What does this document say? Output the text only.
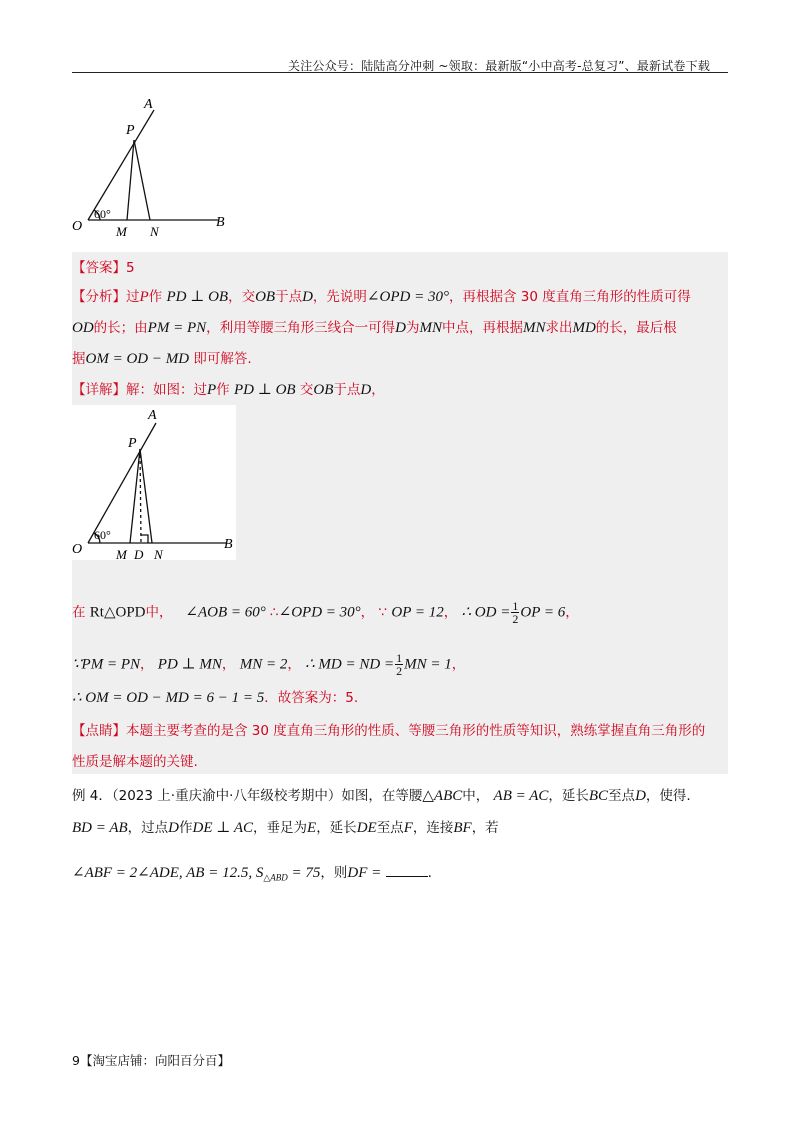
关注公众号：陆陆高分冲刺 ~领取：最新版“小中高考-总复习”、最新试卷下载
A
P
O
60°
M N
B
【答案】5
【分析】过P作 PD ⊥ OB，交OB于点D，先说明∠OPD = 30°，再根据含 30 度直角三角形的性质可得
OD的长；由PM = PN，利用等腰三角形三线合一可得D为MN中点，再根据MN求出MD的长，最后根
据OM = OD − MD 即可解答.
【详解】解：如图：过P作 PD ⊥ OB 交OB于点D，
A
P
O
60°
M D N
B
在 Rt△OPD中， ∠AOB = 60° ∴∠OPD = 30°， ∵ OP = 12， ∴ OD = $\frac{1}{2}$ OP = 6，
∵PM = PN， PD ⊥ MN， MN = 2， ∴ MD = ND = $\frac{1}{2}$ MN = 1，
∴ OM = OD − MD = 6 − 1 = 5．故答案为：5.
【点睛】本题主要考查的是含 30 度直角三角形的性质、等腰三角形的性质等知识，熟练掌握直角三角形的
性质是解本题的关键.
例 4．（2023 上·重庆渝中·八年级校考期中）如图，在等腰△ABC中， AB = AC，延长BC至点D，使得.
BD = AB，过点D作DE ⊥ AC，垂足为E，延长DE至点F，连接BF，若
∠ABF = 2∠ADE, AB = 12.5, $S_{\triangle ABD} = 75$，则DF =	.
9【淘宝店铺：向阳百分百】
